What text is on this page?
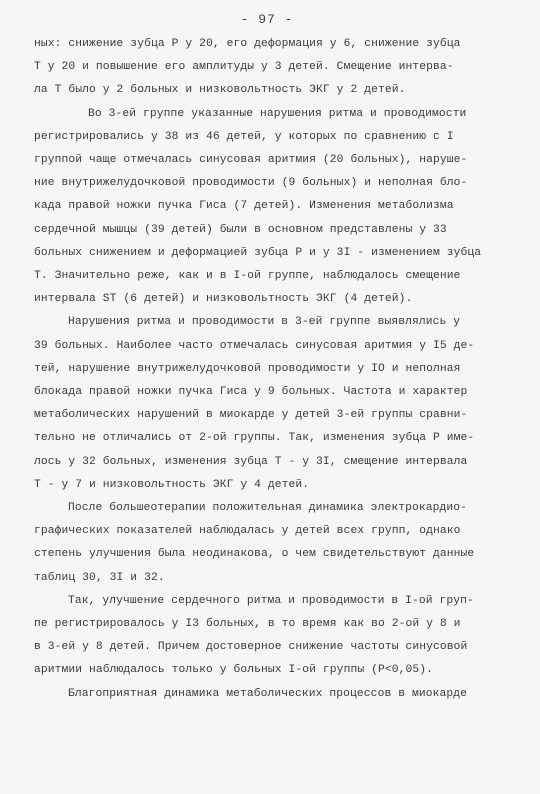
- 97 -
ных: снижение зубца Р у 20, его деформация у 6, снижение зубца
Т у 20 и повышение его амплитуды у 3 детей. Смещение интерва-
ла Т было у 2 больных и низковольтность ЭКГ у 2 детей.
Во 3-ей группе указанные нарушения ритма и проводимости
регистрировались у 38 из 46 детей, у которых по сравнению с I
группой чаще отмечалась синусовая аритмия (20 больных), наруше-
ние внутрижелудочковой проводимости (9 больных) и неполная бло-
када правой ножки пучка Гиса (7 детей). Изменения метаболизма
сердечной мышцы (39 детей) были в основном представлены у 33
больных снижением и деформацией зубца Р и у 3I - изменением зубца
Т. Значительно реже, как и в I-ой группе, наблюдалось смещение
интервала ST (6 детей) и низковольтность ЭКГ (4 детей).
Нарушения ритма и проводимости в 3-ей группе выявлялись у
39 больных. Наиболее часто отмечалась синусовая аритмия у I5 де-
тей, нарушение внутрижелудочковой проводимости у IO и неполная
блокада правой ножки пучка Гиса у 9 больных. Частота и характер
метаболических нарушений в миокарде у детей 3-ей группы сравни-
тельно не отличались от 2-ой группы. Так, изменения зубца Р име-
лось у 32 больных, изменения зубца Т - у 3I, смещение интервала
Т - у 7 и низковольтность ЭКГ у 4 детей.
После большеотерапии положительная динамика электрокардио-
графических показателей наблюдалась у детей всех групп, однако
степень улучшения была неодинакова, о чем свидетельствуют данные
таблиц 30, 3I и 32.
Так, улучшение сердечного ритма и проводимости в I-ой груп-
пе регистрировалось у I3 больных, в то время как во 2-ой у 8 и
в 3-ей у 8 детей. Причем достоверное снижение частоты синусовой
аритмии наблюдалось только у больных I-ой группы (Р<0,05).
Благоприятная динамика метаболических процессов в миокарде
